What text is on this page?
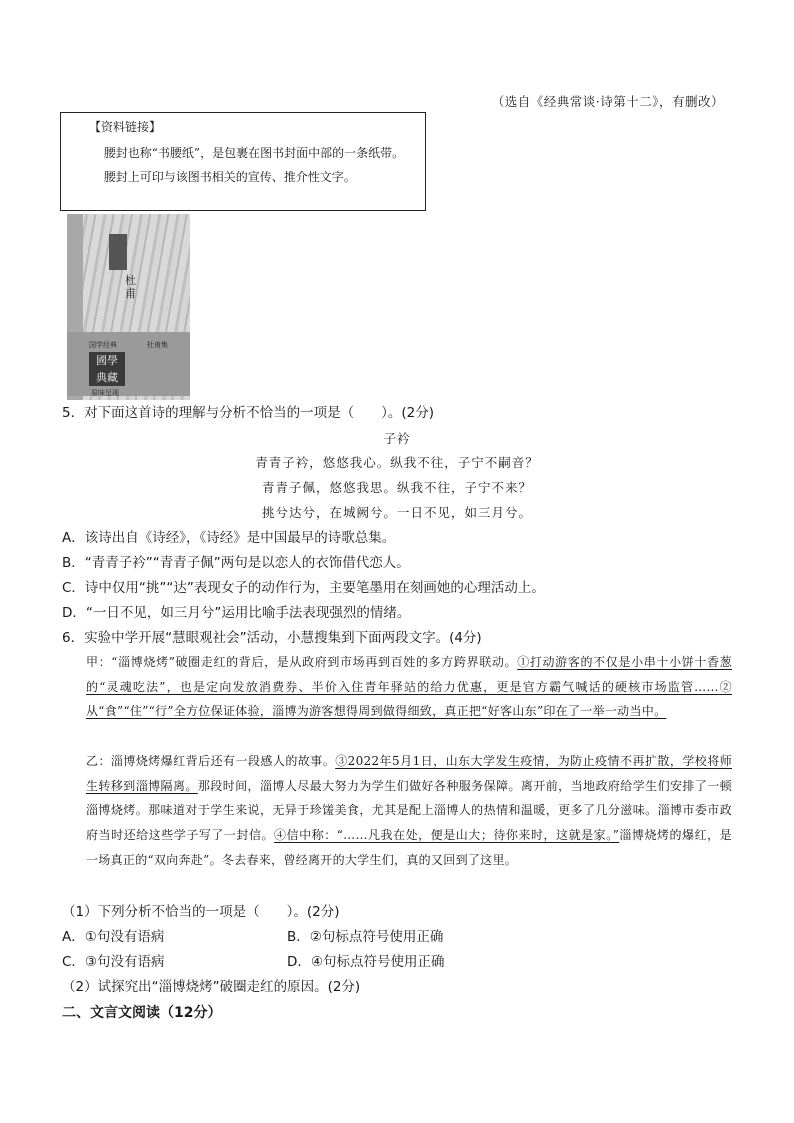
（选自《经典常谈·诗第十二》，有删改）
【资料链接】

腰封也称“书腰纸”，是包裹在图书封面中部的一条纸带。

腰封上可印与该图书相关的宣传、推介性文字。

杜甫
国学经典	杜甫集
國學
典藏
原味呈现
5．对下面这首诗的理解与分析不恰当的一项是（　　）。(2分)
子衿
青青子衿，悠悠我心。纵我不往，子宁不嗣音？
青青子佩，悠悠我思。纵我不往，子宁不来？
挑兮达兮，在城阙兮。一日不见，如三月兮。
A．该诗出自《诗经》，《诗经》是中国最早的诗歌总集。
B．“青青子衿”“青青子佩”两句是以恋人的衣饰借代恋人。
C．诗中仅用“挑”“达”表现女子的动作行为，主要笔墨用在刻画她的心理活动上。
D．“一日不见，如三月兮”运用比喻手法表现强烈的情绪。
6．实验中学开展“慧眼观社会”活动，小慧搜集到下面两段文字。(4分)
甲：“淄博烧烤”破圈走红的背后，是从政府到市场再到百姓的多方跨界联动。①打动游客的不仅是小串十小饼十香葱的“灵魂吃法”，也是定向发放消费券、半价入住青年驿站的给力优惠，更是官方霸气喊话的硬核市场监管……②从“食”“住”“行”全方位保证体验，淄博为游客想得周到做得细致，真正把“好客山东”印在了一举一动当中。
乙：淄博烧烤爆红背后还有一段感人的故事。③2022年5月1日，山东大学发生疫情，为防止疫情不再扩散，学校将师生转移到淄博隔离。那段时间，淄博人尽最大努力为学生们做好各种服务保障。离开前，当地政府给学生们安排了一顿淄博烧烤。那味道对于学生来说，无异于珍馐美食，尤其是配上淄博人的热情和温暖，更多了几分滋味。淄博市委市政府当时还给这些学子写了一封信。④信中称：“……凡我在处，便是山大；待你来时，这就是家。”淄博烧烤的爆红，是一场真正的“双向奔赴”。冬去春来，曾经离开的大学生们，真的又回到了这里。
（1）下列分析不恰当的一项是（　　）。(2分)
A．①句没有语病	B．②句标点符号使用正确
C．③句没有语病	D．④句标点符号使用正确
（2）试探究出“淄博烧烤”破圈走红的原因。(2分)
二、文言文阅读（12分）
